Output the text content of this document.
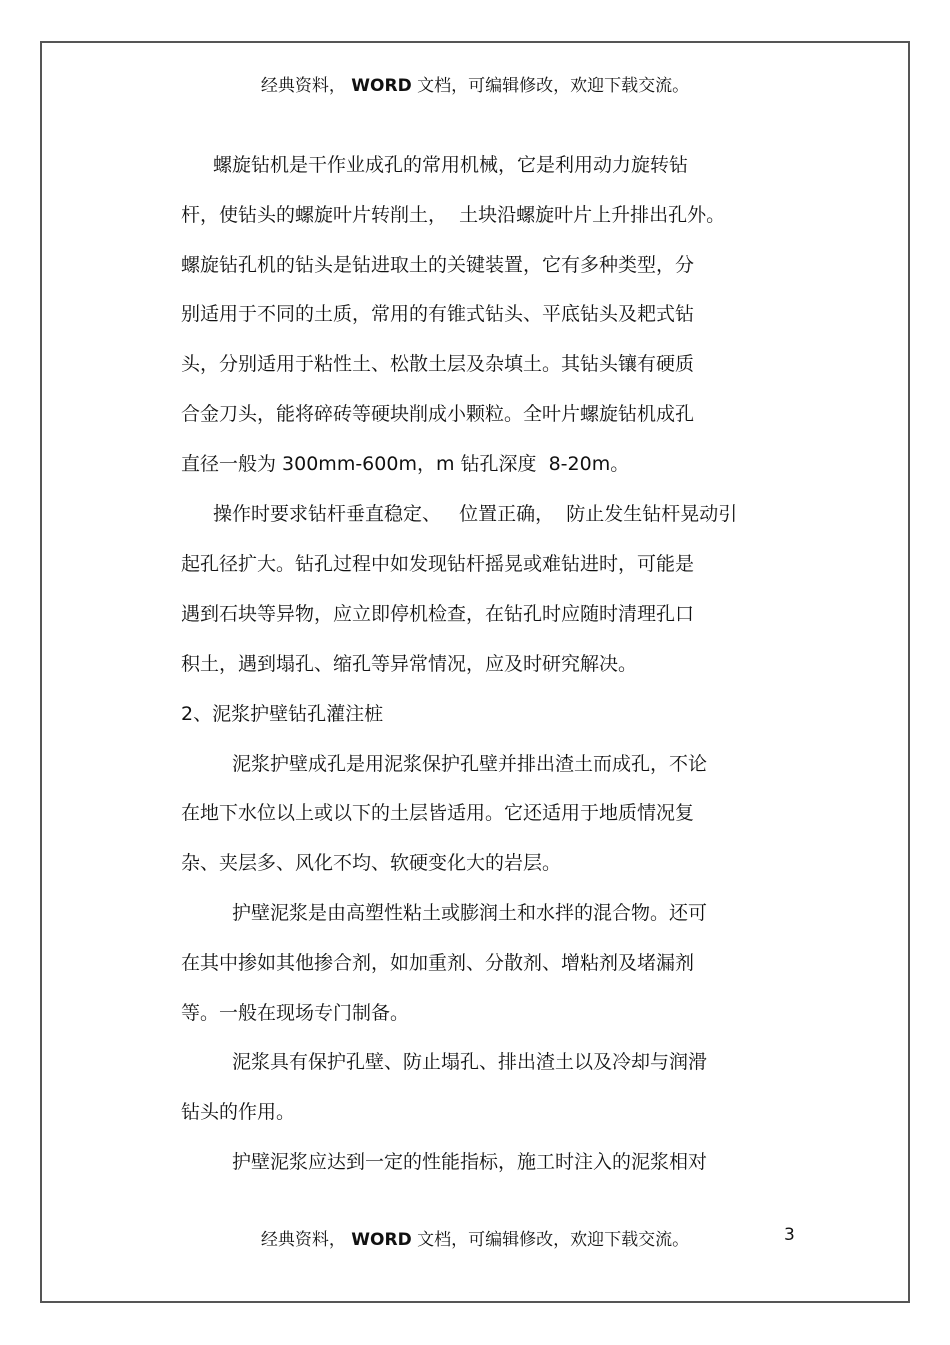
经典资料， WORD 文档，可编辑修改，欢迎下载交流。
螺旋钻机是干作业成孔的常用机械，它是利用动力旋转钻
杆，使钻头的螺旋叶片转削土，  土块沿螺旋叶片上升排出孔外。
螺旋钻孔机的钻头是钻进取土的关键装置，它有多种类型，分
别适用于不同的土质，常用的有锥式钻头、平底钻头及耙式钻
头，分别适用于粘性土、松散土层及杂填土。其钻头镶有硬质
合金刀头，能将碎砖等硬块削成小颗粒。全叶片螺旋钻机成孔
直径一般为 300mm-600m，m 钻孔深度  8-20m。
操作时要求钻杆垂直稳定、   位置正确，  防止发生钻杆晃动引
起孔径扩大。钻孔过程中如发现钻杆摇晃或难钻进时，可能是
遇到石块等异物，应立即停机检查，在钻孔时应随时清理孔口
积土，遇到塌孔、缩孔等异常情况，应及时研究解决。
2、泥浆护壁钻孔灌注桩
泥浆护壁成孔是用泥浆保护孔壁并排出渣土而成孔，不论
在地下水位以上或以下的土层皆适用。它还适用于地质情况复
杂、夹层多、风化不均、软硬变化大的岩层。
护壁泥浆是由高塑性粘土或膨润土和水拌的混合物。还可
在其中掺如其他掺合剂，如加重剂、分散剂、增粘剂及堵漏剂
等。一般在现场专门制备。
泥浆具有保护孔壁、防止塌孔、排出渣土以及冷却与润滑
钻头的作用。
护壁泥浆应达到一定的性能指标，施工时注入的泥浆相对
经典资料， WORD 文档，可编辑修改，欢迎下载交流。	3
